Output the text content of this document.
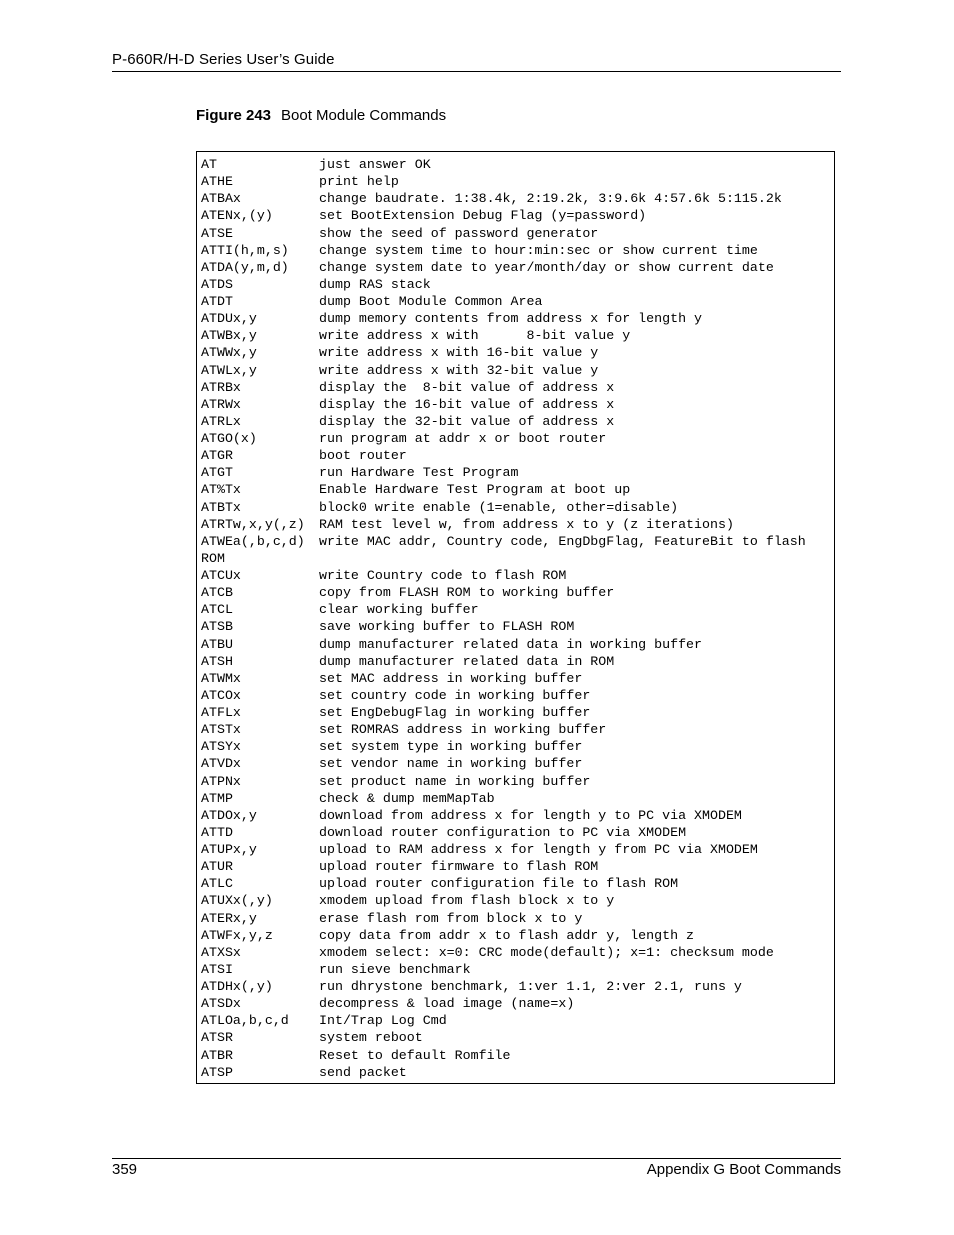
P-660R/H-D Series User’s Guide
Figure 243 Boot Module Commands
AT	just answer OK
ATHE	print help
ATBAx	change baudrate. 1:38.4k, 2:19.2k, 3:9.6k 4:57.6k 5:115.2k
ATENx,(y)	set BootExtension Debug Flag (y=password)
ATSE	show the seed of password generator
ATTI(h,m,s)	change system time to hour:min:sec or show current time
ATDA(y,m,d)	change system date to year/month/day or show current date
ATDS	dump RAS stack
ATDT	dump Boot Module Common Area
ATDUx,y	dump memory contents from address x for length y
ATWBx,y	write address x with      8-bit value y
ATWWx,y	write address x with 16-bit value y
ATWLx,y	write address x with 32-bit value y
ATRBx	display the  8-bit value of address x
ATRWx	display the 16-bit value of address x
ATRLx	display the 32-bit value of address x
ATGO(x)	run program at addr x or boot router
ATGR	boot router
ATGT	run Hardware Test Program
AT%Tx	Enable Hardware Test Program at boot up
ATBTx	block0 write enable (1=enable, other=disable)
ATRTw,x,y(,z)	RAM test level w, from address x to y (z iterations)
ATWEa(,b,c,d)	write MAC addr, Country code, EngDbgFlag, FeatureBit to flash
ROM
ATCUx	write Country code to flash ROM
ATCB	copy from FLASH ROM to working buffer
ATCL	clear working buffer
ATSB	save working buffer to FLASH ROM
ATBU	dump manufacturer related data in working buffer
ATSH	dump manufacturer related data in ROM
ATWMx	set MAC address in working buffer
ATCOx	set country code in working buffer
ATFLx	set EngDebugFlag in working buffer
ATSTx	set ROMRAS address in working buffer
ATSYx	set system type in working buffer
ATVDx	set vendor name in working buffer
ATPNx	set product name in working buffer
ATMP	check & dump memMapTab
ATDOx,y	download from address x for length y to PC via XMODEM
ATTD	download router configuration to PC via XMODEM
ATUPx,y	upload to RAM address x for length y from PC via XMODEM
ATUR	upload router firmware to flash ROM
ATLC	upload router configuration file to flash ROM
ATUXx(,y)	xmodem upload from flash block x to y
ATERx,y	erase flash rom from block x to y
ATWFx,y,z	copy data from addr x to flash addr y, length z
ATXSx	xmodem select: x=0: CRC mode(default); x=1: checksum mode
ATSI	run sieve benchmark
ATDHx(,y)	run dhrystone benchmark, 1:ver 1.1, 2:ver 2.1, runs y
ATSDx	decompress & load image (name=x)
ATLOa,b,c,d	Int/Trap Log Cmd
ATSR	system reboot
ATBR	Reset to default Romfile
ATSP	send packet
359	Appendix G Boot Commands
